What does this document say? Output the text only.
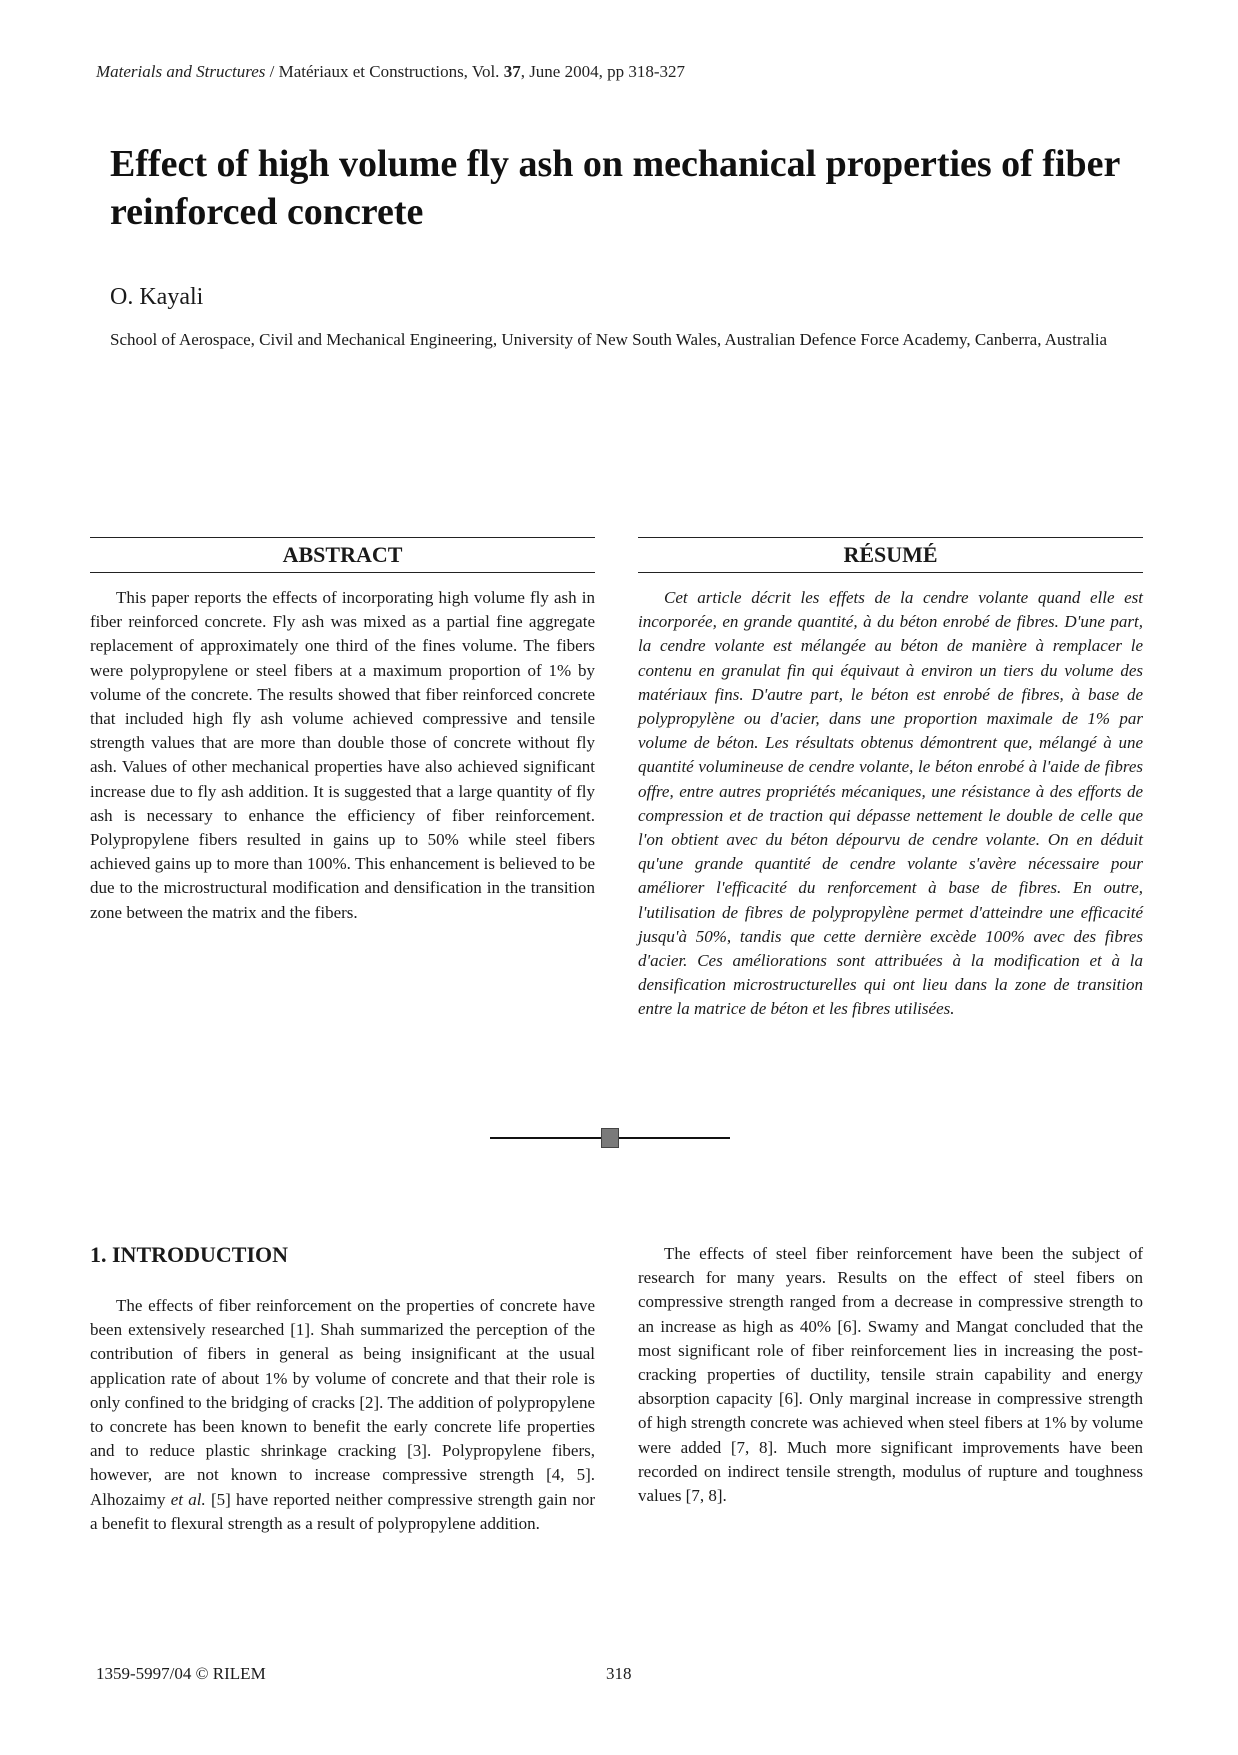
Materials and Structures / Matériaux et Constructions, Vol. 37, June 2004, pp 318-327
Effect of high volume fly ash on mechanical properties of fiber reinforced concrete
O. Kayali
School of Aerospace, Civil and Mechanical Engineering, University of New South Wales, Australian Defence Force Academy, Canberra, Australia
ABSTRACT

This paper reports the effects of incorporating high volume fly ash in fiber reinforced concrete. Fly ash was mixed as a partial fine aggregate replacement of approximately one third of the fines volume. The fibers were polypropylene or steel fibers at a maximum proportion of 1% by volume of the concrete. The results showed that fiber reinforced concrete that included high fly ash volume achieved compressive and tensile strength values that are more than double those of concrete without fly ash. Values of other mechanical properties have also achieved significant increase due to fly ash addition. It is suggested that a large quantity of fly ash is necessary to enhance the efficiency of fiber reinforcement. Polypropylene fibers resulted in gains up to 50% while steel fibers achieved gains up to more than 100%. This enhancement is believed to be due to the microstructural modification and densification in the transition zone between the matrix and the fibers.

RÉSUMÉ

Cet article décrit les effets de la cendre volante quand elle est incorporée, en grande quantité, à du béton enrobé de fibres. D'une part, la cendre volante est mélangée au béton de manière à remplacer le contenu en granulat fin qui équivaut à environ un tiers du volume des matériaux fins. D'autre part, le béton est enrobé de fibres, à base de polypropylène ou d'acier, dans une proportion maximale de 1% par volume de béton. Les résultats obtenus démontrent que, mélangé à une quantité volumineuse de cendre volante, le béton enrobé à l'aide de fibres offre, entre autres propriétés mécaniques, une résistance à des efforts de compression et de traction qui dépasse nettement le double de celle que l'on obtient avec du béton dépourvu de cendre volante. On en déduit qu'une grande quantité de cendre volante s'avère nécessaire pour améliorer l'efficacité du renforcement à base de fibres. En outre, l'utilisation de fibres de polypropylène permet d'atteindre une efficacité jusqu'à 50%, tandis que cette dernière excède 100% avec des fibres d'acier. Ces améliorations sont attribuées à la modification et à la densification microstructurelles qui ont lieu dans la zone de transition entre la matrice de béton et les fibres utilisées.

1. INTRODUCTION

The effects of fiber reinforcement on the properties of concrete have been extensively researched [1]. Shah summarized the perception of the contribution of fibers in general as being insignificant at the usual application rate of about 1% by volume of concrete and that their role is only confined to the bridging of cracks [2]. The addition of polypropylene to concrete has been known to benefit the early concrete life properties and to reduce plastic shrinkage cracking [3]. Polypropylene fibers, however, are not known to increase compressive strength [4, 5]. Alhozaimy et al. [5] have reported neither compressive strength gain nor a benefit to flexural strength as a result of polypropylene addition.

The effects of steel fiber reinforcement have been the subject of research for many years. Results on the effect of steel fibers on compressive strength ranged from a decrease in compressive strength to an increase as high as 40% [6]. Swamy and Mangat concluded that the most significant role of fiber reinforcement lies in increasing the post-cracking properties of ductility, tensile strain capability and energy absorption capacity [6]. Only marginal increase in compressive strength of high strength concrete was achieved when steel fibers at 1% by volume were added [7, 8]. Much more significant improvements have been recorded on indirect tensile strength, modulus of rupture and toughness values [7, 8].

1359-5997/04 © RILEM	318
